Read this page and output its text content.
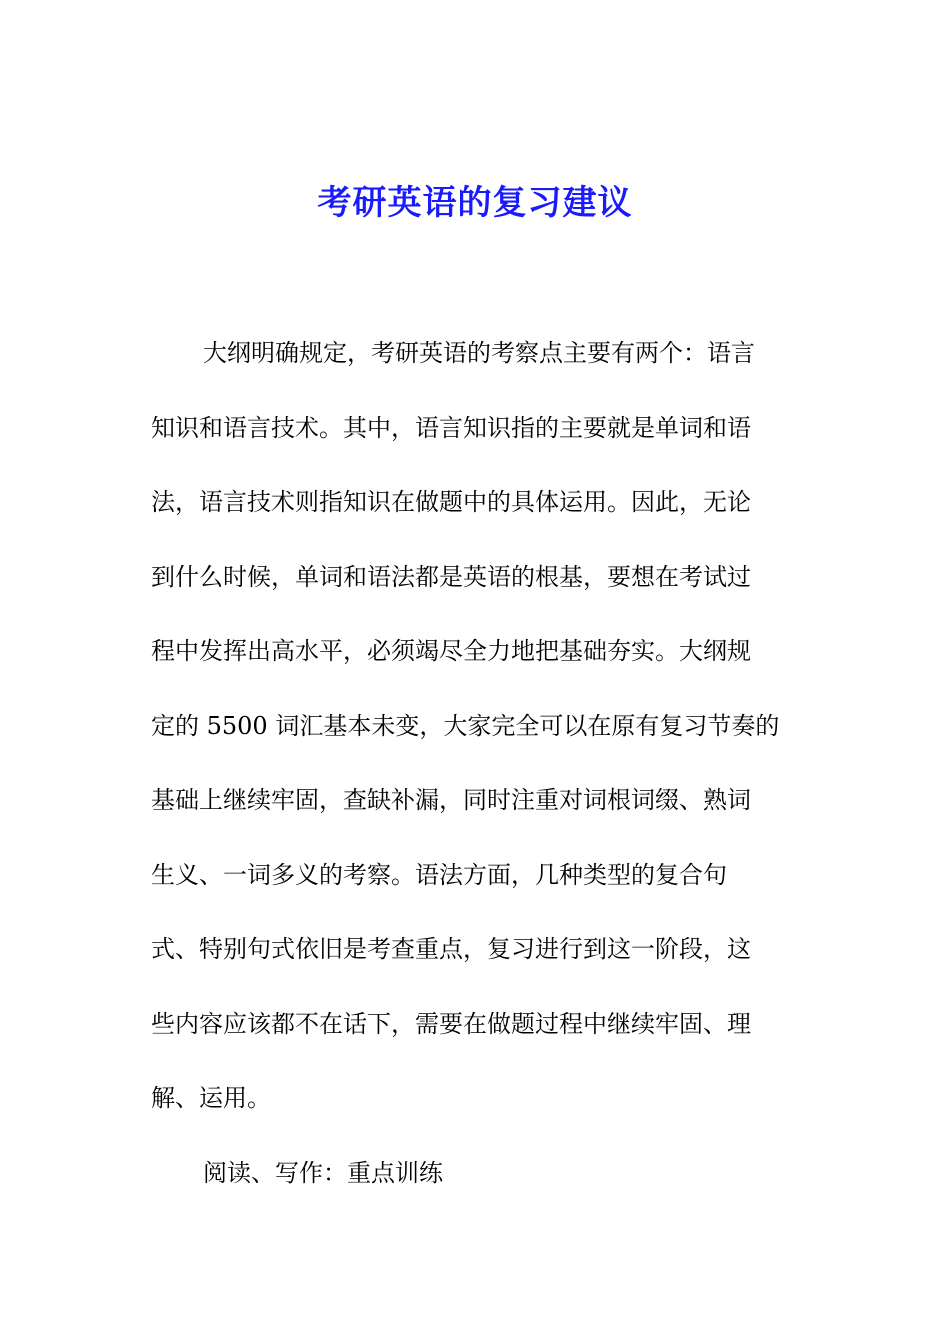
考研英语的复习建议
大纲明确规定，考研英语的考察点主要有两个：语言
知识和语言技术。其中，语言知识指的主要就是单词和语
法，语言技术则指知识在做题中的具体运用。因此，无论
到什么时候，单词和语法都是英语的根基，要想在考试过
程中发挥出高水平，必须竭尽全力地把基础夯实。大纲规
定的 5500 词汇基本未变，大家完全可以在原有复习节奏的
基础上继续牢固，查缺补漏，同时注重对词根词缀、熟词
生义、一词多义的考察。语法方面，几种类型的复合句
式、特别句式依旧是考查重点，复习进行到这一阶段，这
些内容应该都不在话下，需要在做题过程中继续牢固、理
解、运用。
阅读、写作：重点训练
